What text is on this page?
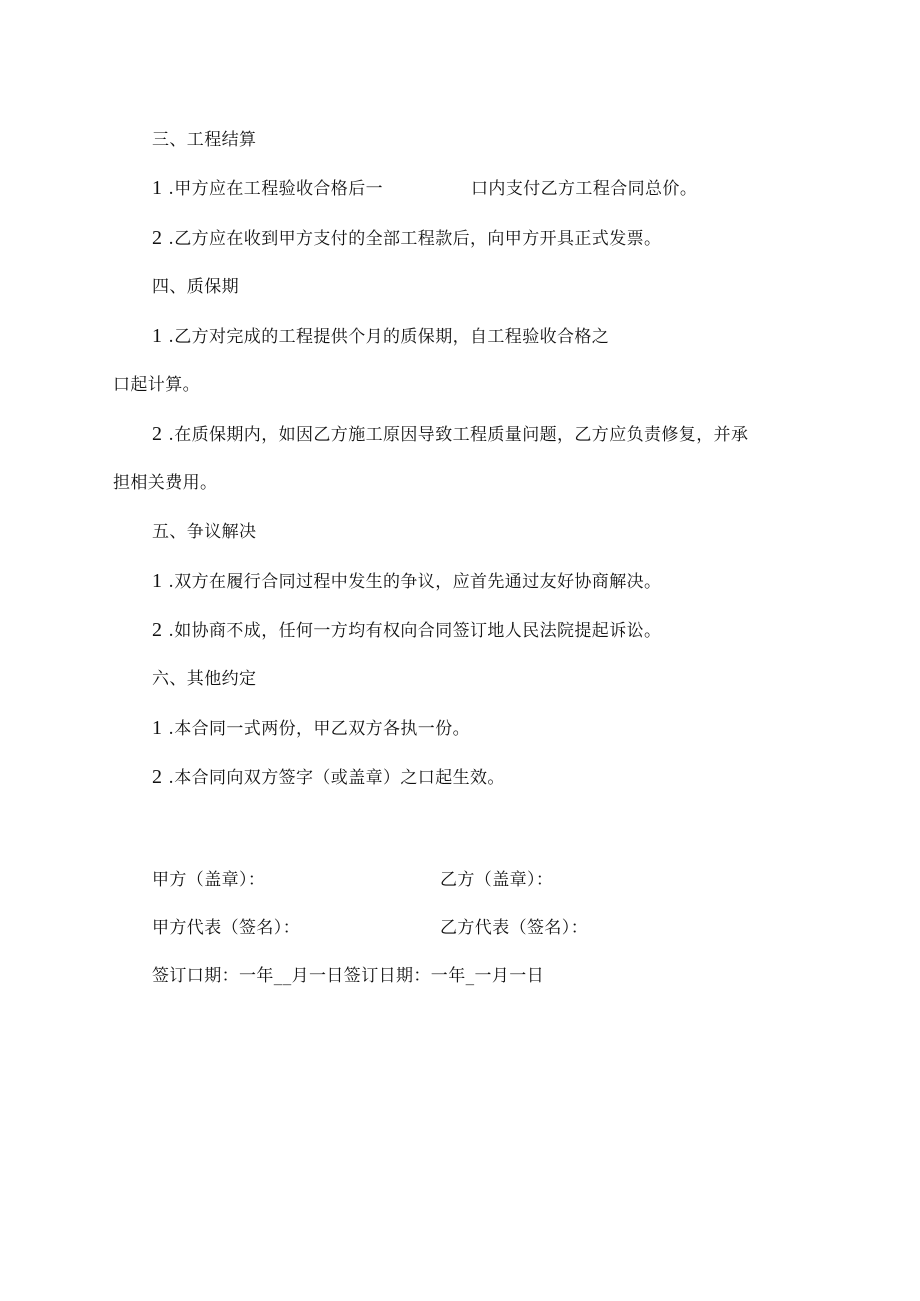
三、工程结算
1 .甲方应在工程验收合格后一	口内支付乙方工程合同总价。
2 .乙方应在收到甲方支付的全部工程款后，向甲方开具正式发票。
四、质保期
1 .乙方对完成的工程提供个月的质保期，自工程验收合格之
口起计算。
2 .在质保期内，如因乙方施工原因导致工程质量问题，乙方应负责修复，并承
担相关费用。
五、争议解决
1 .双方在履行合同过程中发生的争议，应首先通过友好协商解决。
2 .如协商不成，任何一方均有权向合同签订地人民法院提起诉讼。
六、其他约定
1 .本合同一式两份，甲乙双方各执一份。
2 .本合同向双方签字（或盖章）之口起生效。
甲方（盖章）：	乙方（盖章）：
甲方代表（签名）：	乙方代表（签名）：
签订口期：一年__月一日签订日期：一年_一月一日
